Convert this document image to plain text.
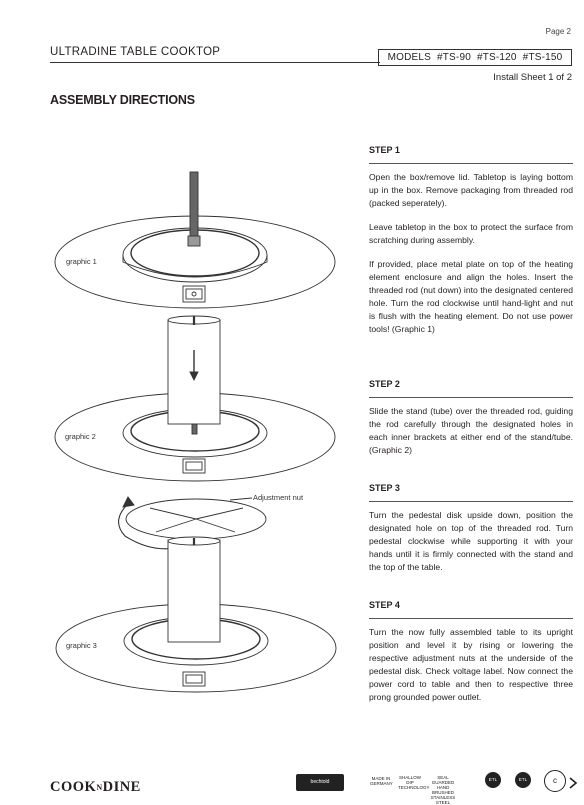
Page 2
ULTRADINE TABLE COOKTOP	MODELS #TS-90 #TS-120 #TS-150
Install Sheet 1 of 2
ASSEMBLY DIRECTIONS
graphic 1
graphic 2
graphic 3
Adjustment nut
STEP 1

Open the box/remove lid. Tabletop is laying bottom up in the box. Remove packaging from threaded rod (packed seperately).

Leave tabletop in the box to protect the surface from scratching during assembly.

If provided, place metal plate on top of the heating element enclosure and align the holes. Insert the threaded rod (nut down) into the designated centered hole. Turn the rod clockwise until hand-light and nut is flush with the heating element. Do not use power tools! (Graphic 1)

STEP 2

Slide the stand (tube) over the threaded rod, guiding the rod carefully through the designated holes in each inner brackets at either end of the stand/tube. (Graphic 2)

STEP 3

Turn the pedestal disk upside down, position the designated hole on top of the threaded rod. Turn pedestal clockwise while supporting it with your hands until it is firmly connected with the stand and the top of the table.

STEP 4

Turn the now fully assembled table to its upright position and level it by rising or lowering the respective adjustment nuts at the underside of the pedestal disk. Check voltage label. Now connect the power cord to table and then to respective three prong grounded power outlet.

COOKNDINE	bechtold
MADE IN GERMANY
SHALLOW DIP TECHNOLOGY
SEAL GUARDED HAND BRUSHED STAINLESS STEEL
ETL	ETL	c
